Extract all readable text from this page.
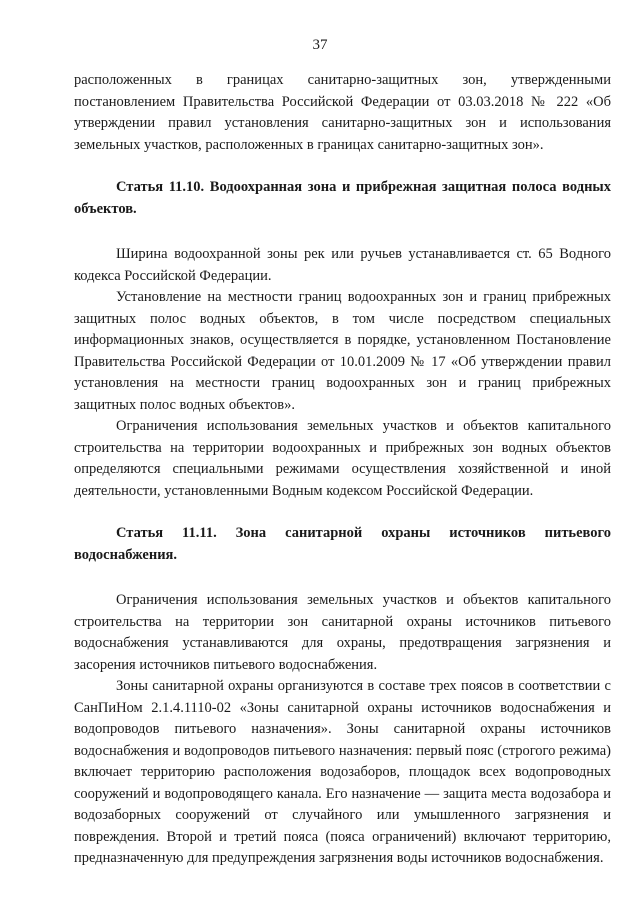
37

расположенных в границах санитарно-защитных зон, утвержденными постановлением Правительства Российской Федерации от 03.03.2018 № 222 «Об утверждении правил установления санитарно-защитных зон и использования земельных участков, расположенных в границах санитарно-защитных зон».

Статья 11.10. Водоохранная зона и прибрежная защитная полоса водных объектов.

Ширина водоохранной зоны рек или ручьев устанавливается ст. 65 Водного кодекса Российской Федерации.

Установление на местности границ водоохранных зон и границ прибрежных защитных полос водных объектов, в том числе посредством специальных информационных знаков, осуществляется в порядке, установленном Постановление Правительства Российской Федерации от 10.01.2009 № 17 «Об утверждении правил установления на местности границ водоохранных зон и границ прибрежных защитных полос водных объектов».

Ограничения использования земельных участков и объектов капитального строительства на территории водоохранных и прибрежных зон водных объектов определяются специальными режимами осуществления хозяйственной и иной деятельности, установленными Водным кодексом Российской Федерации.

Статья 11.11. Зона санитарной охраны источников питьевого водоснабжения.

Ограничения использования земельных участков и объектов капитального строительства на территории зон санитарной охраны источников питьевого водоснабжения устанавливаются для охраны, предотвращения загрязнения и засорения источников питьевого водоснабжения.

Зоны санитарной охраны организуются в составе трех поясов в соответствии с СанПиНом 2.1.4.1110-02 «Зоны санитарной охраны источников водоснабжения и водопроводов питьевого назначения». Зоны санитарной охраны источников водоснабжения и водопроводов питьевого назначения: первый пояс (строгого режима) включает территорию расположения водозаборов, площадок всех водопроводных сооружений и водопроводящего канала. Его назначение — защита места водозабора и водозаборных сооружений от случайного или умышленного загрязнения и повреждения. Второй и третий пояса (пояса ограничений) включают территорию, предназначенную для предупреждения загрязнения воды источников водоснабжения.
